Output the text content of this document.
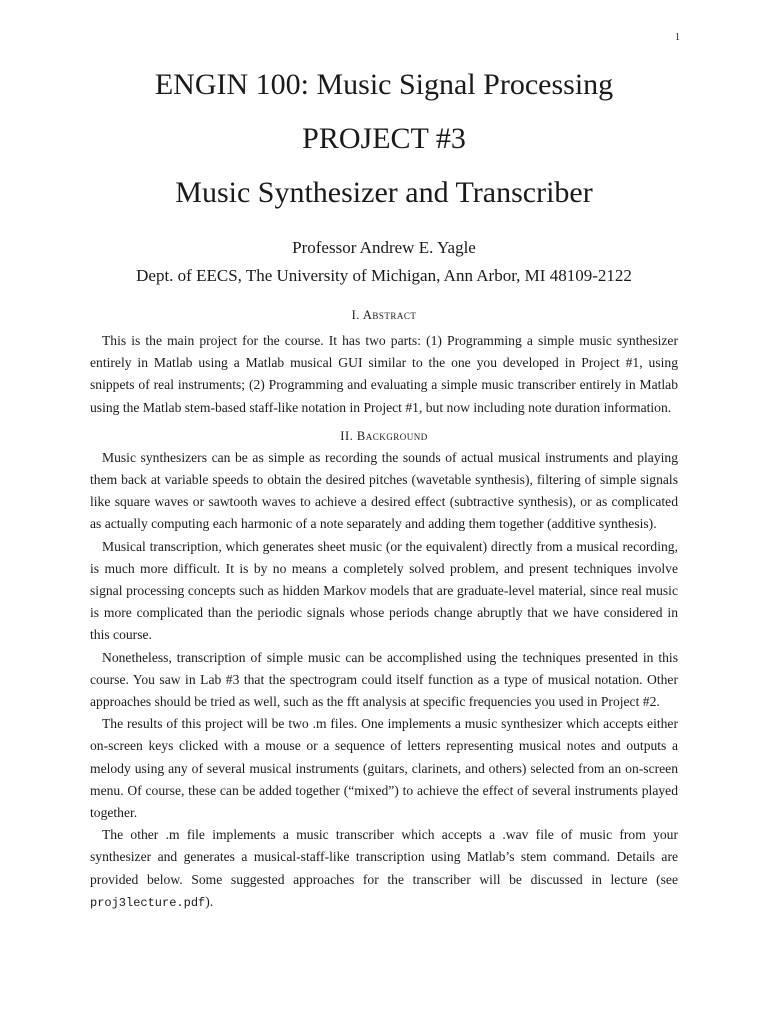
1
ENGIN 100: Music Signal Processing
PROJECT #3
Music Synthesizer and Transcriber
Professor Andrew E. Yagle
Dept. of EECS, The University of Michigan, Ann Arbor, MI 48109-2122
I. Abstract

This is the main project for the course. It has two parts: (1) Programming a simple music synthesizer entirely in Matlab using a Matlab musical GUI similar to the one you developed in Project #1, using snippets of real instruments; (2) Programming and evaluating a simple music transcriber entirely in Matlab using the Matlab stem-based staff-like notation in Project #1, but now including note duration information.

II. Background

Music synthesizers can be as simple as recording the sounds of actual musical instruments and playing them back at variable speeds to obtain the desired pitches (wavetable synthesis), filtering of simple signals like square waves or sawtooth waves to achieve a desired effect (subtractive synthesis), or as complicated as actually computing each harmonic of a note separately and adding them together (additive synthesis).

Musical transcription, which generates sheet music (or the equivalent) directly from a musical recording, is much more difficult. It is by no means a completely solved problem, and present techniques involve signal processing concepts such as hidden Markov models that are graduate-level material, since real music is more complicated than the periodic signals whose periods change abruptly that we have considered in this course.

Nonetheless, transcription of simple music can be accomplished using the techniques presented in this course. You saw in Lab #3 that the spectrogram could itself function as a type of musical notation. Other approaches should be tried as well, such as the fft analysis at specific frequencies you used in Project #2.

The results of this project will be two .m files. One implements a music synthesizer which accepts either on-screen keys clicked with a mouse or a sequence of letters representing musical notes and outputs a melody using any of several musical instruments (guitars, clarinets, and others) selected from an on-screen menu. Of course, these can be added together (“mixed”) to achieve the effect of several instruments played together.

The other .m file implements a music transcriber which accepts a .wav file of music from your synthesizer and generates a musical-staff-like transcription using Matlab’s stem command. Details are provided below. Some suggested approaches for the transcriber will be discussed in lecture (see proj3lecture.pdf).
